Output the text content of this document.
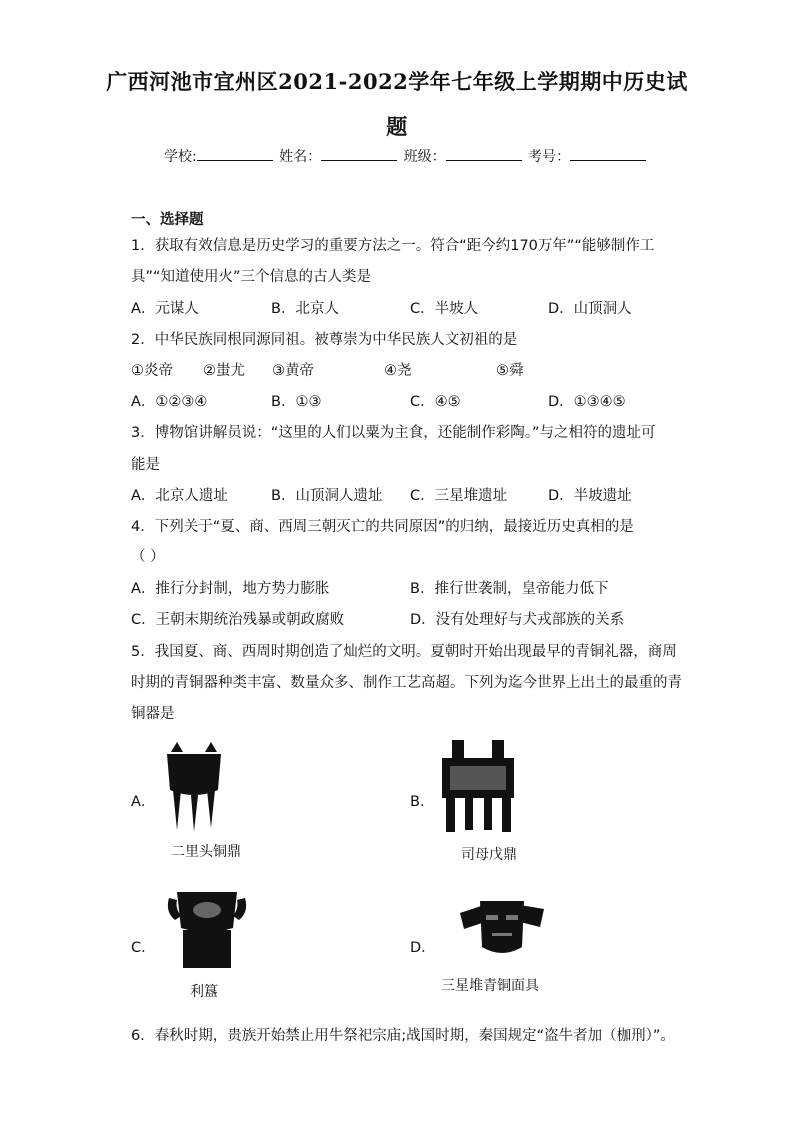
广西河池市宜州区2021-2022学年七年级上学期期中历史试
题
学校:	姓名：	班级：	考号：
一、选择题
1．获取有效信息是历史学习的重要方法之一。符合“距今约170万年”“能够制作工
具”“知道使用火”三个信息的古人类是
A．元谋人	B．北京人	C．半坡人	D．山顶洞人
2．中华民族同根同源同祖。被尊崇为中华民族人文初祖的是
①炎帝 ②蚩尤 ③黄帝	④尧	⑤舜
A．①②③④	B．①③	C．④⑤	D．①③④⑤
3．博物馆讲解员说：“这里的人们以粟为主食，还能制作彩陶。”与之相符的遗址可
能是
A．北京人遗址	B．山顶洞人遗址 C．三星堆遗址	D．半坡遗址
4．下列关于“夏、商、西周三朝灭亡的共同原因”的归纳，最接近历史真相的是
（ ）
A．推行分封制，地方势力膨胀	B．推行世袭制，皇帝能力低下
C．王朝末期统治残暴或朝政腐败	D．没有处理好与犬戎部族的关系
5．我国夏、商、西周时期创造了灿烂的文明。夏朝时开始出现最早的青铜礼器，商周
时期的青铜器种类丰富、数量众多、制作工艺高超。下列为迄今世界上出土的最重的青
铜器是
A．
二里头铜鼎
B．
司母戊鼎
C．
利簋
D．
三星堆青铜面具
6．春秋时期，贵族开始禁止用牛祭祀宗庙;战国时期，秦国规定“盗牛者加（枷刑）”。
